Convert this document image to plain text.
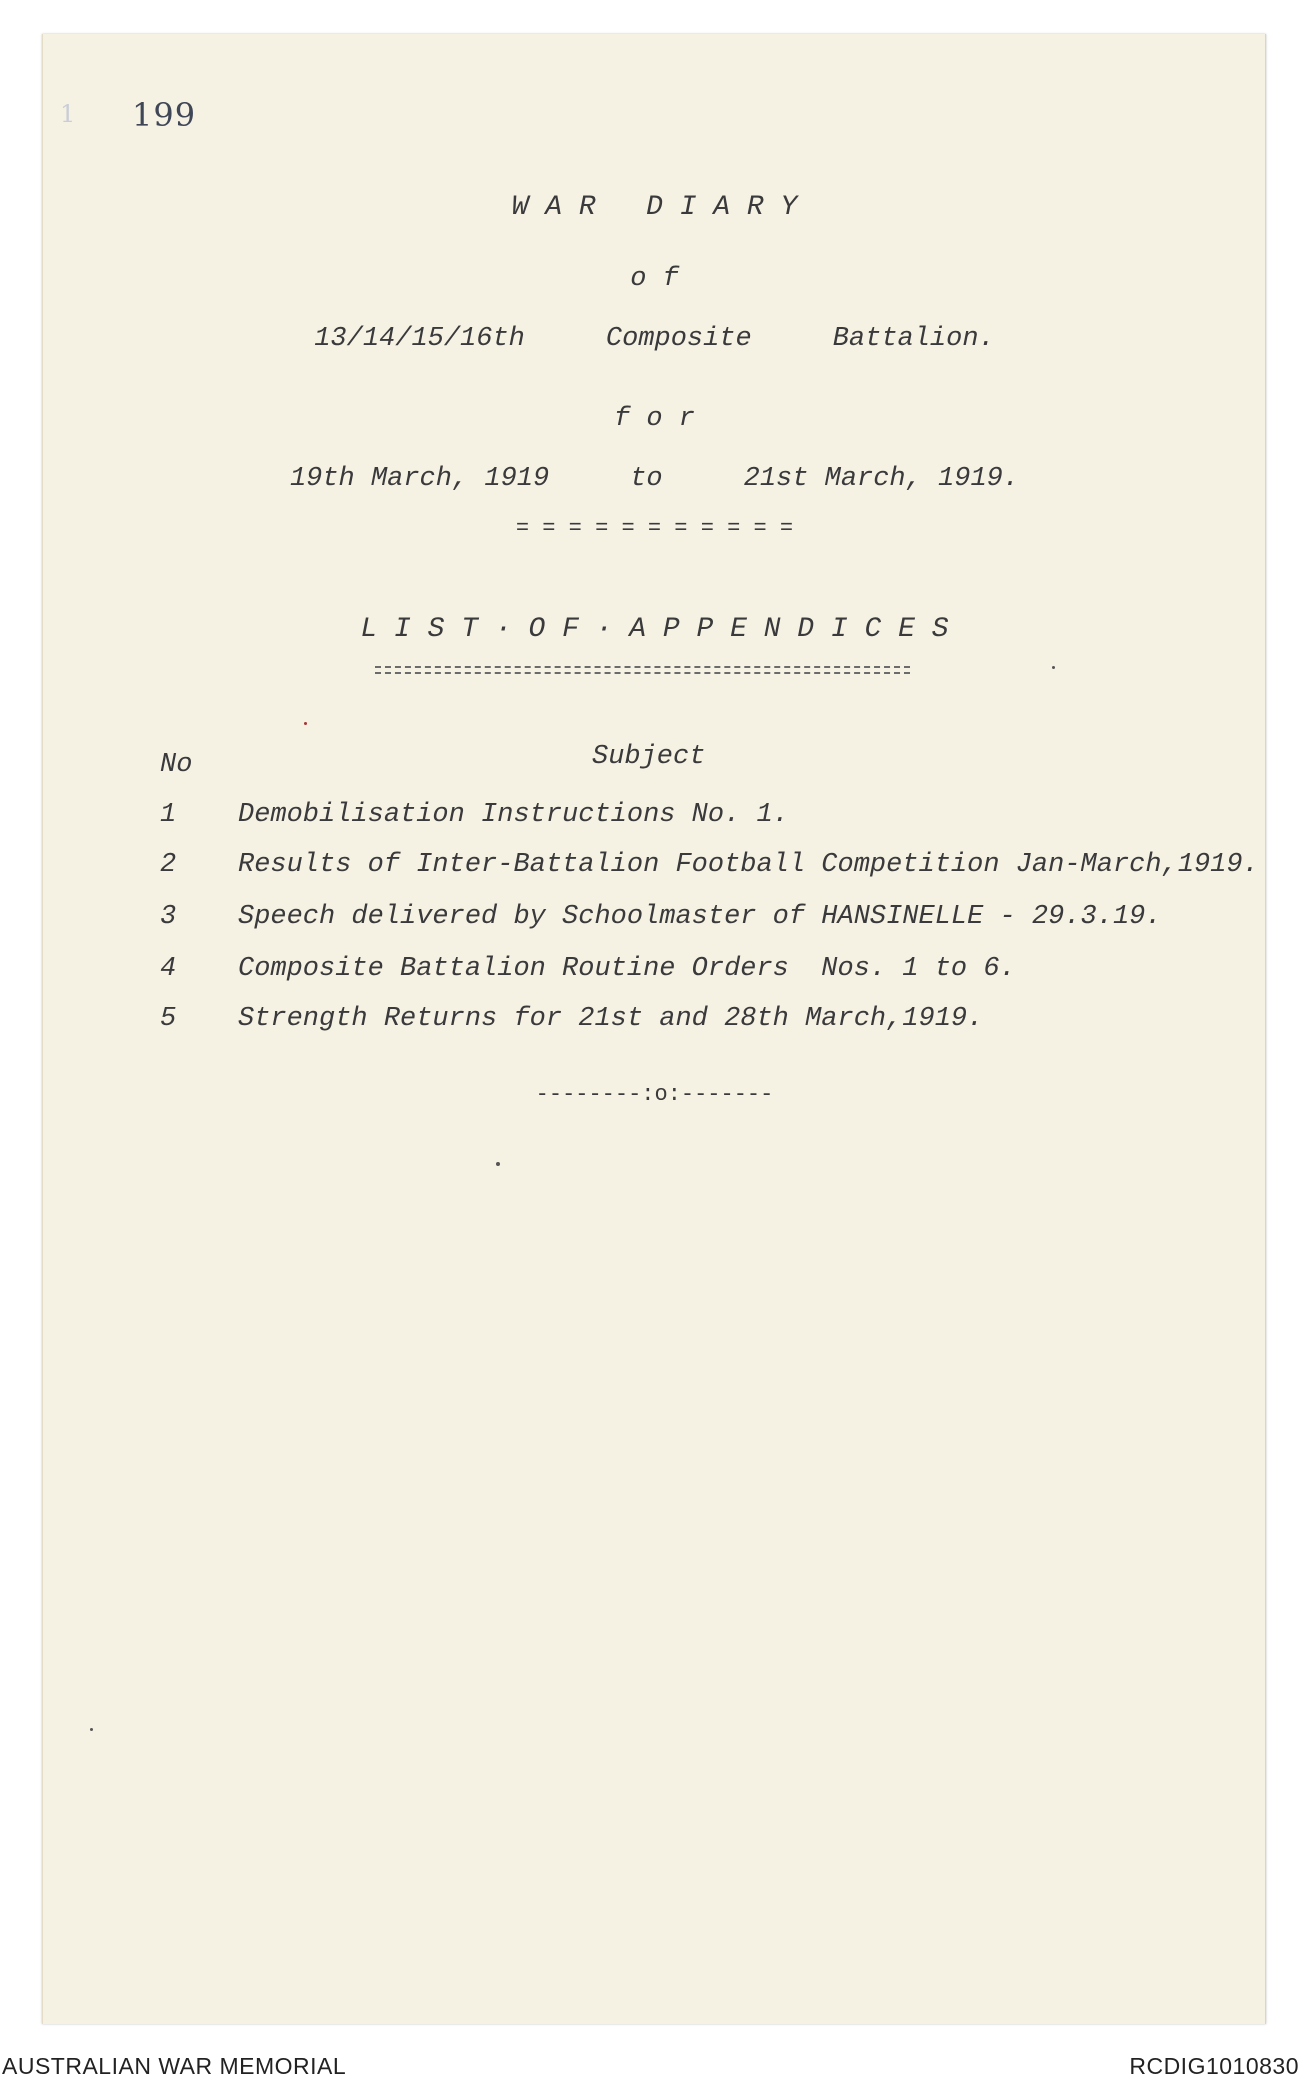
1 199
W A R   D I A R Y
o f
13/14/15/16th     Composite     Battalion.
f o r
19th March, 1919     to     21st March, 1919.
= = = = = = = = = = =
L I S T · O F · A P P E N D I C E S
No	Subject
1 Demobilisation Instructions No. 1.
2 Results of Inter-Battalion Football Competition Jan-March,1919.
3 Speech delivered by Schoolmaster of HANSINELLE - 29.3.19.
4 Composite Battalion Routine Orders  Nos. 1 to 6.
5 Strength Returns for 21st and 28th March,1919.
--------:o:-------
AUSTRALIAN WAR MEMORIAL	RCDIG1010830
